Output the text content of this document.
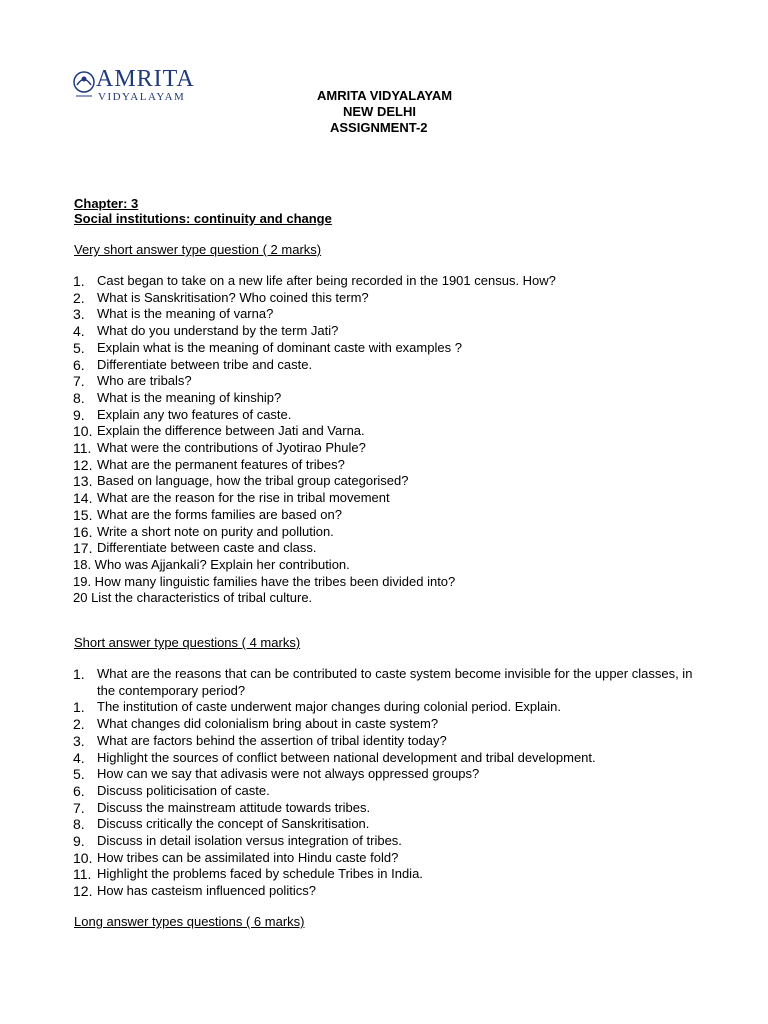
AMRITA
VIDYALAYAM	AMRITA VIDYALAYAM
NEW DELHI
ASSIGNMENT-2
Chapter: 3
Social institutions: continuity and change
Very short answer type question ( 2 marks)
1. Cast began to take on a new life after being recorded in the 1901 census. How?
2. What is Sanskritisation? Who coined this term?
3. What is the meaning of varna?
4. What do you understand by the term Jati?
5. Explain what is the meaning of dominant caste with examples ?
6. Differentiate between tribe and caste.
7. Who are tribals?
8. What is the meaning of kinship?
9. Explain any two features of caste.
10. Explain the difference between Jati and Varna.
11. What were the contributions of Jyotirao Phule?
12. What are the permanent features of tribes?
13. Based on language, how the tribal group categorised?
14. What are the reason for the rise in tribal movement
15. What are the forms families are based on?
16. Write a short note on purity and pollution.
17. Differentiate between caste and class.
18. Who was Ajjankali? Explain her contribution.
19. How many linguistic families have the tribes been divided into?
20 List the characteristics of tribal culture.
Short answer type questions ( 4 marks)
1. What are the reasons that can be contributed to caste system become invisible for the upper classes, in the contemporary period?
1. The institution of caste underwent major changes during colonial period. Explain.
2. What changes did colonialism bring about in caste system?
3. What are factors behind the assertion of tribal identity today?
4. Highlight the sources of conflict between national development and tribal development.
5. How can we say that adivasis were not always oppressed groups?
6. Discuss politicisation of caste.
7. Discuss the mainstream attitude towards tribes.
8. Discuss critically the concept of Sanskritisation.
9. Discuss in detail isolation versus integration of tribes.
10. How tribes can be assimilated into Hindu caste fold?
11. Highlight the problems faced by schedule Tribes in India.
12. How has casteism influenced politics?
Long answer types questions ( 6 marks)
